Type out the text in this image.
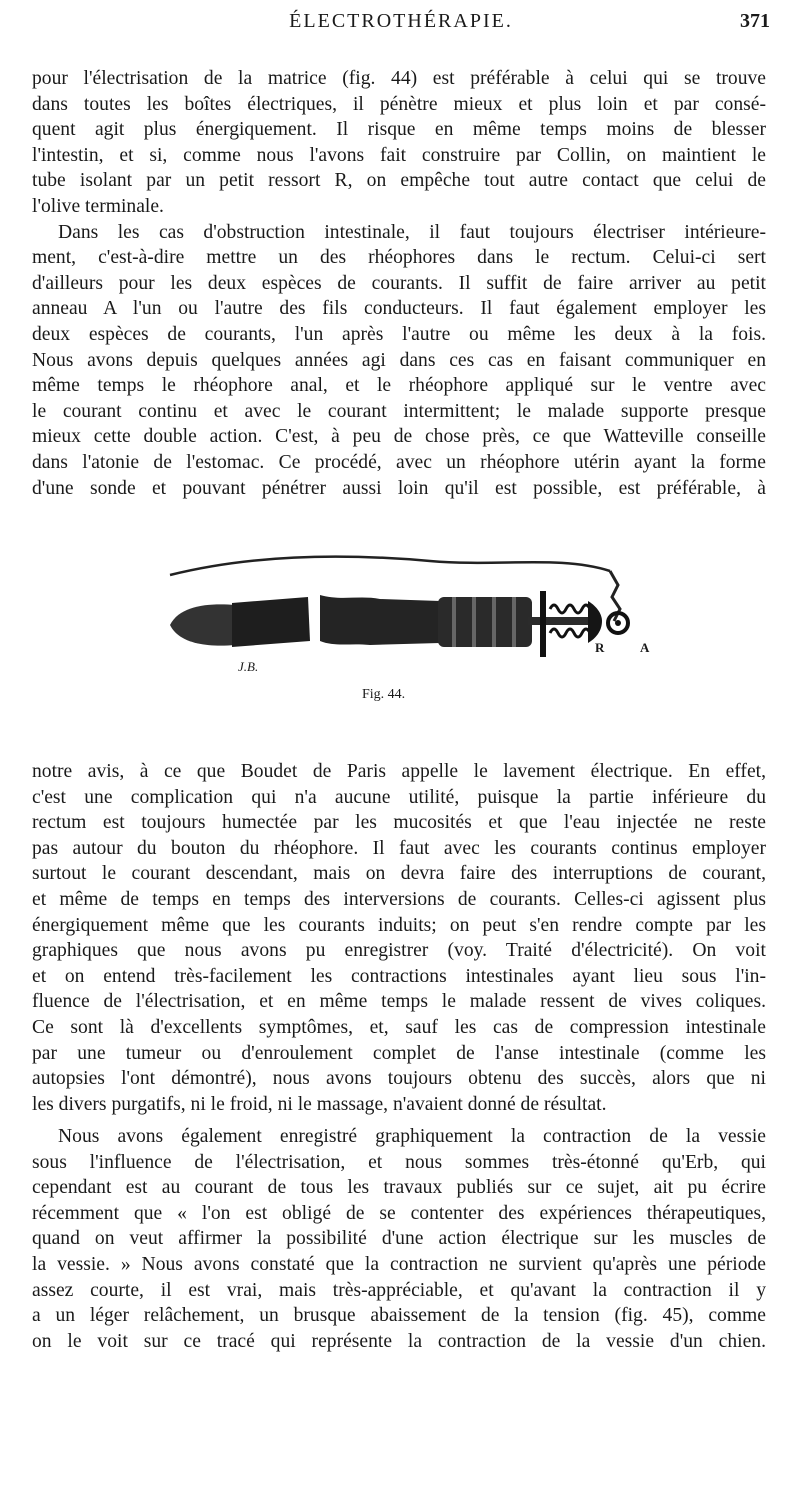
ÉLECTROTHÉRAPIE.	371
pour l'électrisation de la matrice (fig. 44) est préférable à celui qui se trouve
dans toutes les boîtes électriques, il pénètre mieux et plus loin et par consé-
quent agit plus énergiquement. Il risque en même temps moins de blesser
l'intestin, et si, comme nous l'avons fait construire par Collin, on maintient le
tube isolant par un petit ressort R, on empêche tout autre contact que celui de
l'olive terminale.
Dans les cas d'obstruction intestinale, il faut toujours électriser intérieure-
ment, c'est-à-dire mettre un des rhéophores dans le rectum. Celui-ci sert
d'ailleurs pour les deux espèces de courants. Il suffit de faire arriver au petit
anneau A l'un ou l'autre des fils conducteurs. Il faut également employer les
deux espèces de courants, l'un après l'autre ou même les deux à la fois.
Nous avons depuis quelques années agi dans ces cas en faisant communiquer en
même temps le rhéophore anal, et le rhéophore appliqué sur le ventre avec
le courant continu et avec le courant intermittent; le malade supporte presque
mieux cette double action. C'est, à peu de chose près, ce que Watteville conseille
dans l'atonie de l'estomac. Ce procédé, avec un rhéophore utérin ayant la forme
d'une sonde et pouvant pénétrer aussi loin qu'il est possible, est préférable, à
J.B.
R	A
Fig. 44.
notre avis, à ce que Boudet de Paris appelle le lavement électrique. En effet,
c'est une complication qui n'a aucune utilité, puisque la partie inférieure du
rectum est toujours humectée par les mucosités et que l'eau injectée ne reste
pas autour du bouton du rhéophore. Il faut avec les courants continus employer
surtout le courant descendant, mais on devra faire des interruptions de courant,
et même de temps en temps des interversions de courants. Celles-ci agissent plus
énergiquement même que les courants induits; on peut s'en rendre compte par les
graphiques que nous avons pu enregistrer (voy. Traité d'électricité). On voit
et on entend très-facilement les contractions intestinales ayant lieu sous l'in-
fluence de l'électrisation, et en même temps le malade ressent de vives coliques.
Ce sont là d'excellents symptômes, et, sauf les cas de compression intestinale
par une tumeur ou d'enroulement complet de l'anse intestinale (comme les
autopsies l'ont démontré), nous avons toujours obtenu des succès, alors que ni
les divers purgatifs, ni le froid, ni le massage, n'avaient donné de résultat.
Nous avons également enregistré graphiquement la contraction de la vessie
sous l'influence de l'électrisation, et nous sommes très-étonné qu'Erb, qui
cependant est au courant de tous les travaux publiés sur ce sujet, ait pu écrire
récemment que « l'on est obligé de se contenter des expériences thérapeutiques,
quand on veut affirmer la possibilité d'une action électrique sur les muscles de
la vessie. » Nous avons constaté que la contraction ne survient qu'après une période
assez courte, il est vrai, mais très-appréciable, et qu'avant la contraction il y
a un léger relâchement, un brusque abaissement de la tension (fig. 45), comme
on le voit sur ce tracé qui représente la contraction de la vessie d'un chien.
